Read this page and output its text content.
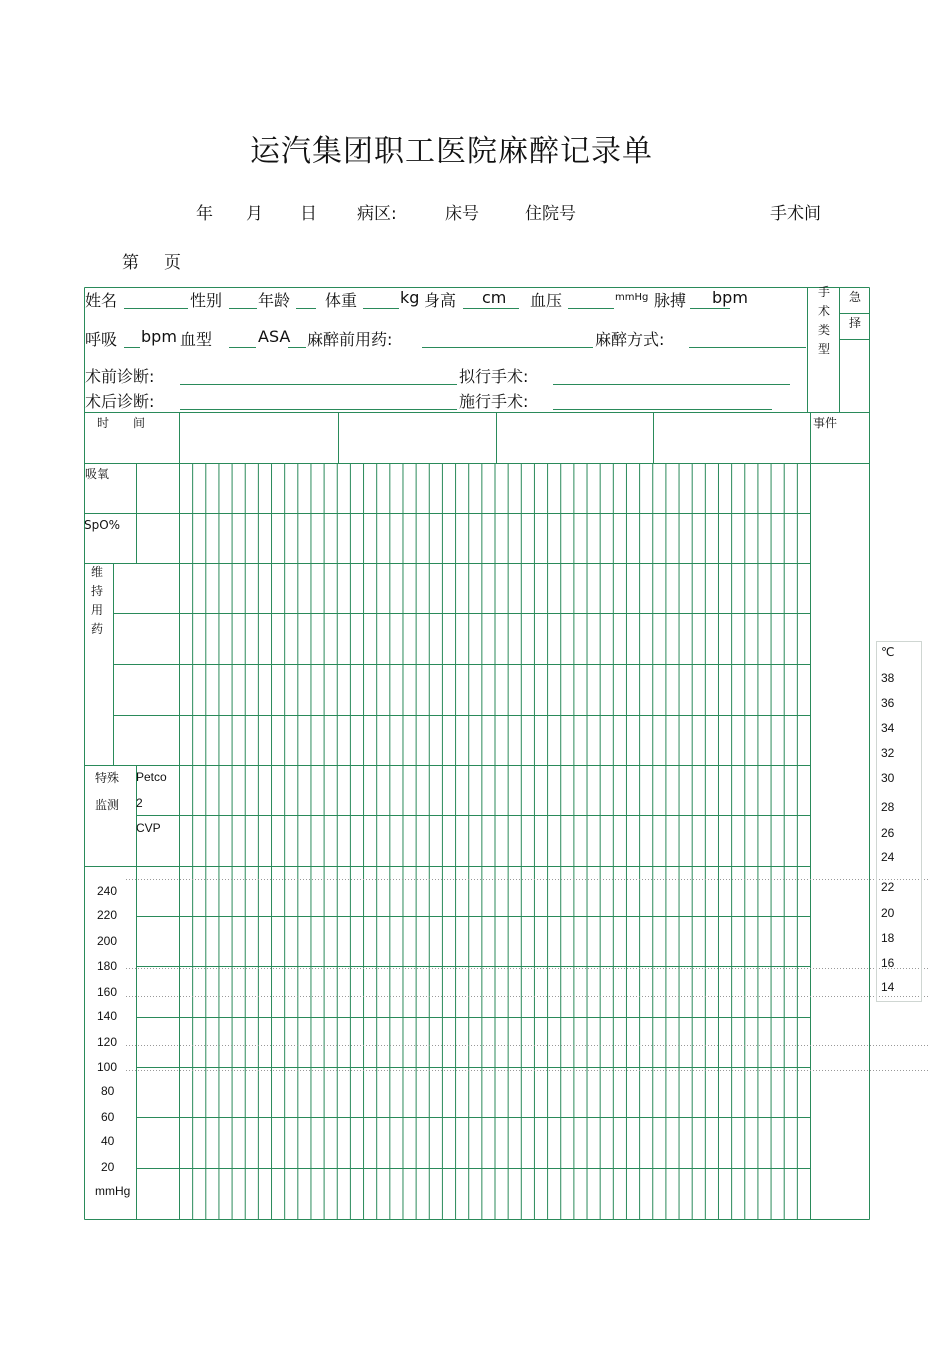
运汽集团职工医院麻醉记录单
年 月 日 病区:	床号	住院号	手术间
第 页
姓名	性别 年龄 体重	kg 身高 cm 血压	mmHg 脉搏 bpm
呼吸 bpm 血型	ASA 麻醉前用药:	麻醉方式:
手术类型
急
择
术前诊断:	拟行手术:
术后诊断:	施行手术:
时　　间	事件
吸氧
SpO%
维持用药
特殊
监测
Petco
2
CVP
240
220
200
180
160
140
120
100
80
60
40
20
mmHg
℃
38
36
34
32
30
28
26
24
22
20
18
16
14
